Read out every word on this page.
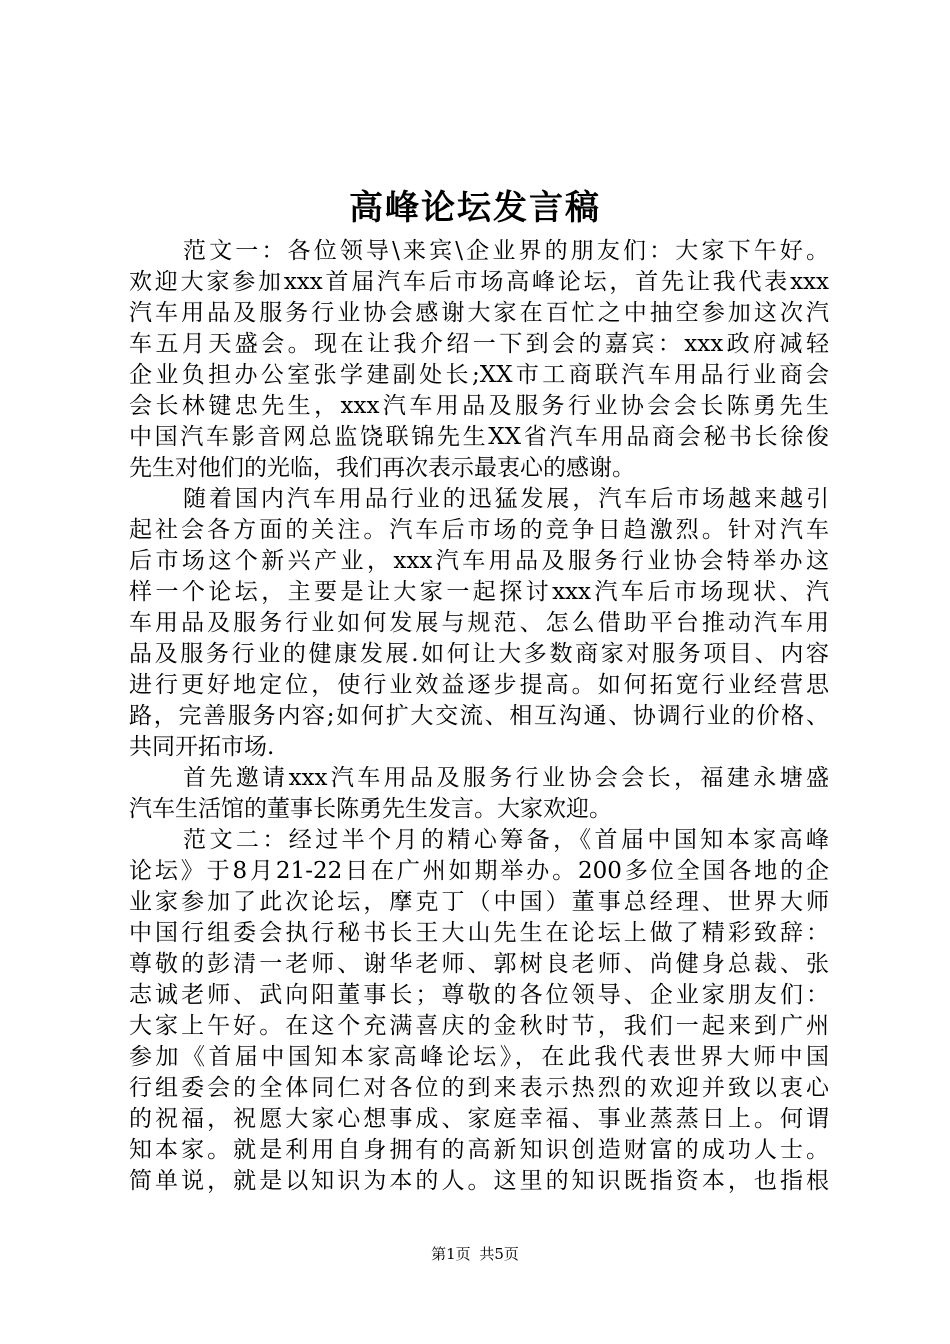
高峰论坛发言稿
范文一：各位领导\来宾\企业界的朋友们：大家下午好。
欢迎大家参加xxx首届汽车后市场高峰论坛，首先让我代表xxx
汽车用品及服务行业协会感谢大家在百忙之中抽空参加这次汽
车五月天盛会。现在让我介绍一下到会的嘉宾：xxx政府减轻
企业负担办公室张学建副处长;XX市工商联汽车用品行业商会
会长林键忠先生，xxx汽车用品及服务行业协会会长陈勇先生
中国汽车影音网总监饶联锦先生XX省汽车用品商会秘书长徐俊
先生对他们的光临，我们再次表示最衷心的感谢。
随着国内汽车用品行业的迅猛发展，汽车后市场越来越引
起社会各方面的关注。汽车后市场的竞争日趋激烈。针对汽车
后市场这个新兴产业，xxx汽车用品及服务行业协会特举办这
样一个论坛，主要是让大家一起探讨xxx汽车后市场现状、汽
车用品及服务行业如何发展与规范、怎么借助平台推动汽车用
品及服务行业的健康发展.如何让大多数商家对服务项目、内容
进行更好地定位，使行业效益逐步提高。如何拓宽行业经营思
路，完善服务内容;如何扩大交流、相互沟通、协调行业的价格、
共同开拓市场.
首先邀请xxx汽车用品及服务行业协会会长，福建永塘盛
汽车生活馆的董事长陈勇先生发言。大家欢迎。
范文二：经过半个月的精心筹备，《首届中国知本家高峰
论坛》于8月21-22日在广州如期举办。200多位全国各地的企
业家参加了此次论坛，摩克丁（中国）董事总经理、世界大师
中国行组委会执行秘书长王大山先生在论坛上做了精彩致辞：
尊敬的彭清一老师、谢华老师、郭树良老师、尚健身总裁、张
志诚老师、武向阳董事长；尊敬的各位领导、企业家朋友们：
大家上午好。在这个充满喜庆的金秋时节，我们一起来到广州
参加《首届中国知本家高峰论坛》，在此我代表世界大师中国
行组委会的全体同仁对各位的到来表示热烈的欢迎并致以衷心
的祝福，祝愿大家心想事成、家庭幸福、事业蒸蒸日上。何谓
知本家。就是利用自身拥有的高新知识创造财富的成功人士。
简单说，就是以知识为本的人。这里的知识既指资本，也指根
第1页 共5页
